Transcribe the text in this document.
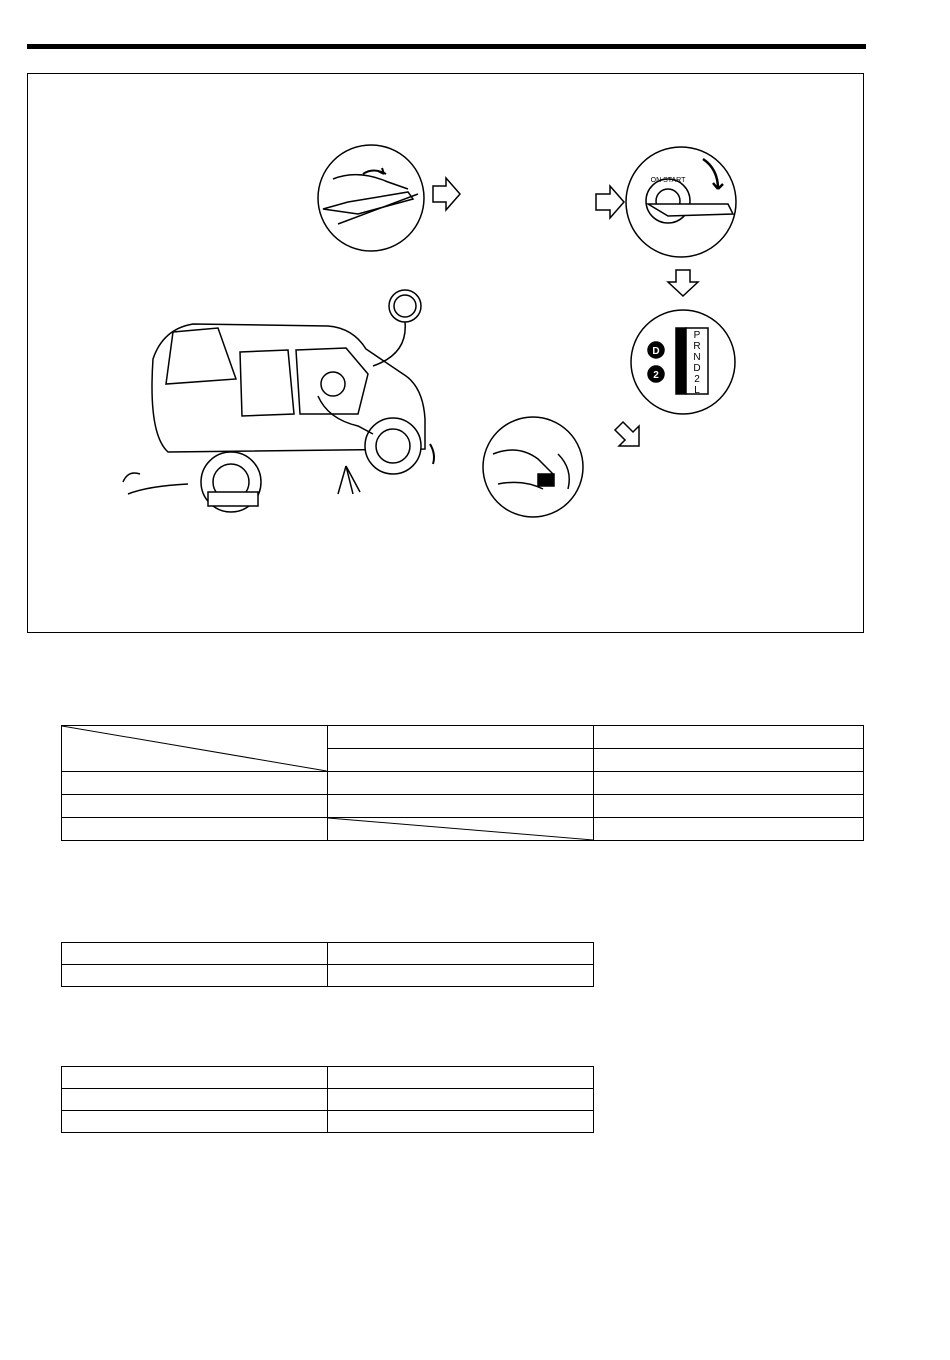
ON START
P
R
N
D
2
L
D
2
